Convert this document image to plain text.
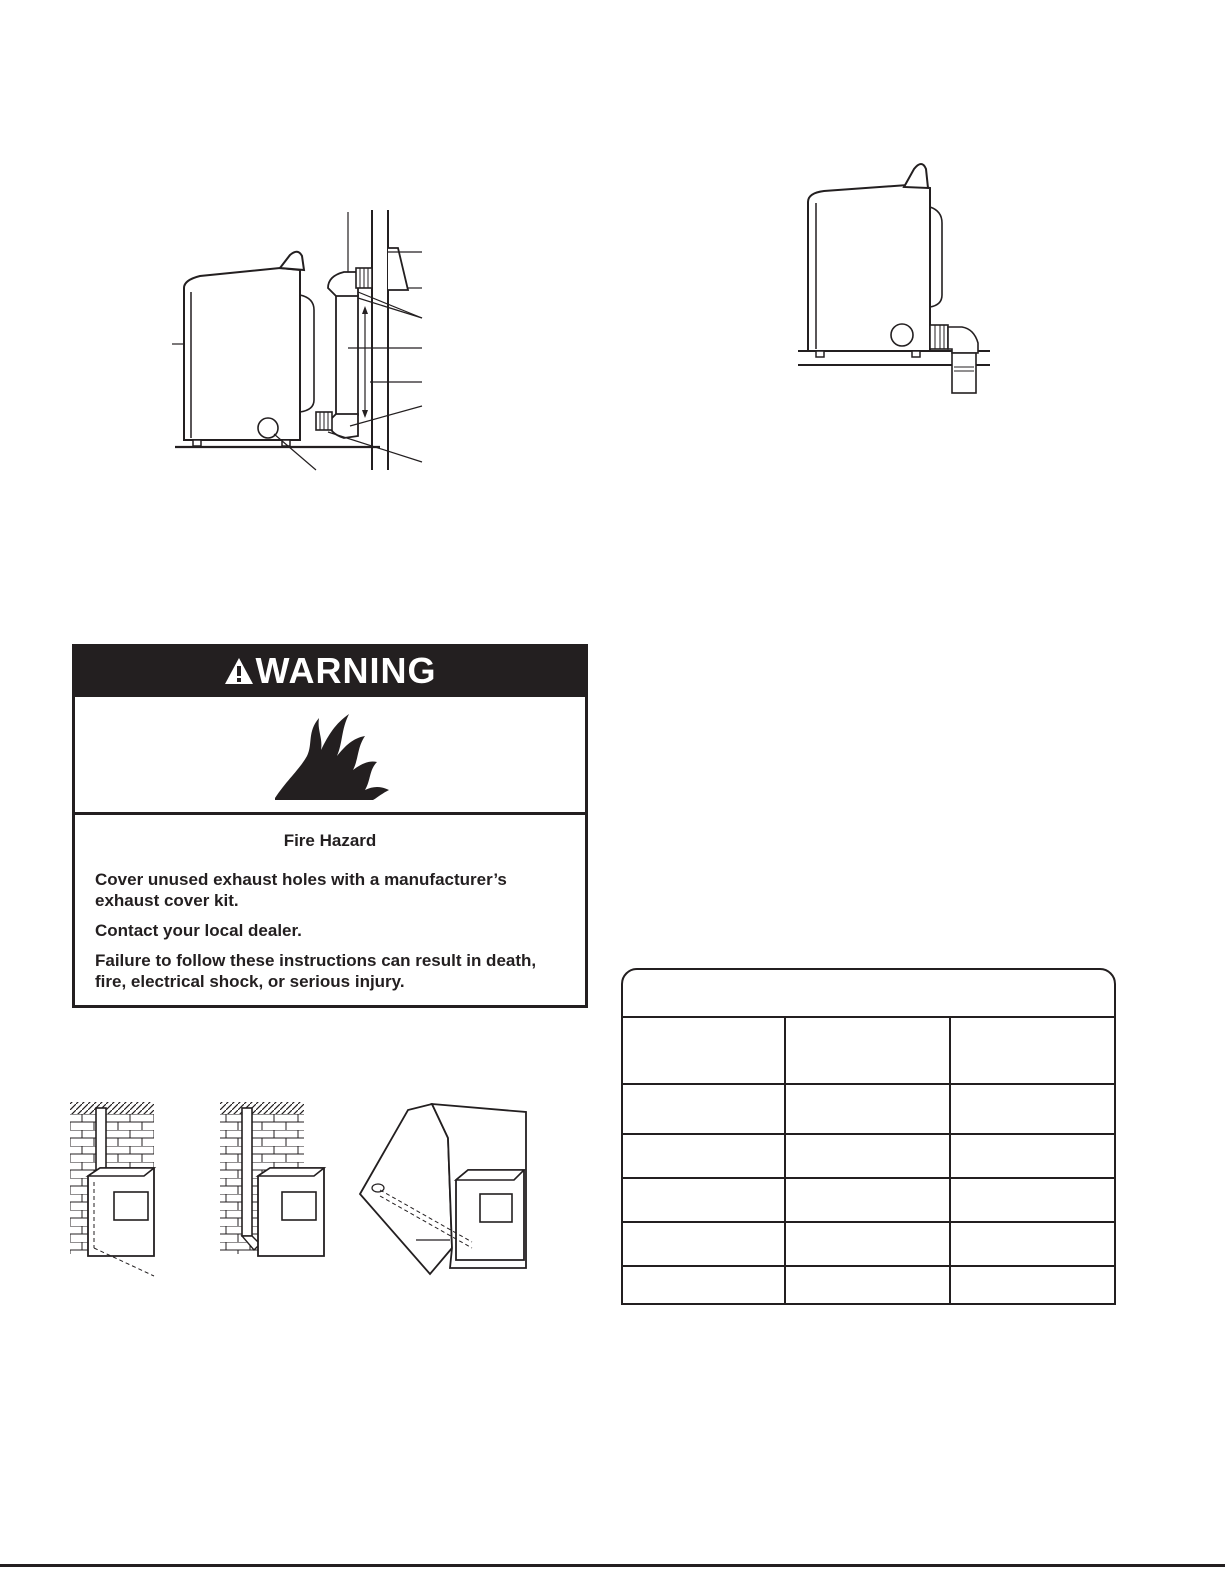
WARNING
Fire Hazard

Cover unused exhaust holes with a manufacturer’s exhaust cover kit.

Contact your local dealer.

Failure to follow these instructions can result in death, fire, electrical shock, or serious injury.
